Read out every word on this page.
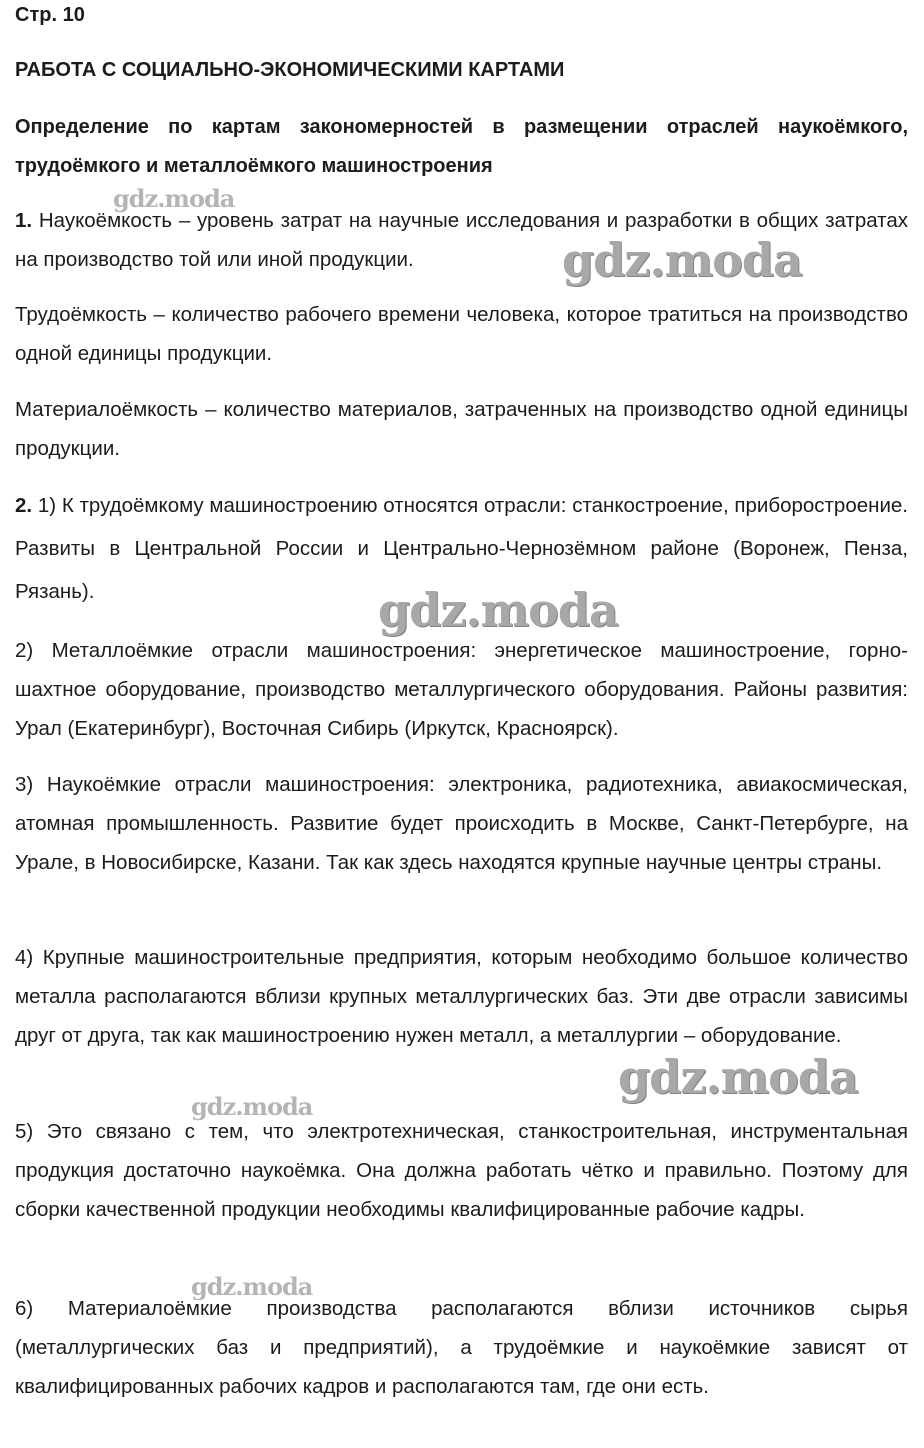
Стр. 10
РАБОТА С СОЦИАЛЬНО-ЭКОНОМИЧЕСКИМИ КАРТАМИ
Определение по картам закономерностей в размещении отраслей наукоёмкого, трудоёмкого и металлоёмкого машиностроения
1. Наукоёмкость – уровень затрат на научные исследования и разработки в общих затратах на производство той или иной продукции.
Трудоёмкость – количество рабочего времени человека, которое тратиться на производство одной единицы продукции.
Материалоёмкость – количество материалов, затраченных на производство одной единицы продукции.
2. 1) К трудоёмкому машиностроению относятся отрасли: станкостроение, приборостроение. Развиты в Центральной России и Центрально-Чернозёмном районе (Воронеж, Пенза, Рязань).
2) Металлоёмкие отрасли машиностроения: энергетическое машиностроение, горно-шахтное оборудование, производство металлургического оборудования. Районы развития: Урал (Екатеринбург), Восточная Сибирь (Иркутск, Красноярск).
3) Наукоёмкие отрасли машиностроения: электроника, радиотехника, авиакосмическая, атомная промышленность. Развитие будет происходить в Москве, Санкт-Петербурге, на Урале, в Новосибирске, Казани. Так как здесь находятся крупные научные центры страны.
4) Крупные машиностроительные предприятия, которым необходимо большое количество металла располагаются вблизи крупных металлургических баз. Эти две отрасли зависимы друг от друга, так как машиностроению нужен металл, а металлургии – оборудование.
5) Это связано с тем, что электротехническая, станкостроительная, инструментальная продукция достаточно наукоёмка. Она должна работать чётко и правильно. Поэтому для сборки качественной продукции необходимы квалифицированные рабочие кадры.
6) Материалоёмкие производства располагаются вблизи источников сырья (металлургических баз и предприятий), а трудоёмкие и наукоёмкие зависят от квалифицированных рабочих кадров и располагаются там, где они есть.
gdz.moda
gdz.moda
gdz.moda
gdz.moda
gdz.moda
gdz.moda
